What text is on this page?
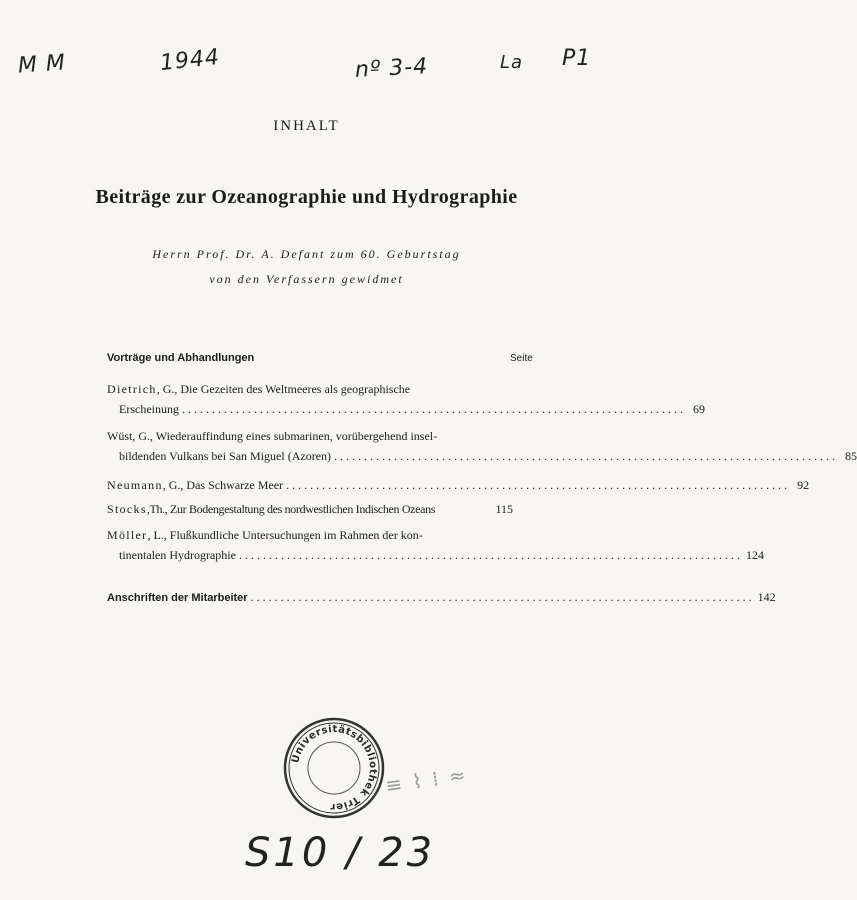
M M	1944	nº 3-4	La P1
INHALT
Beiträge zur Ozeanographie und Hydrographie
Herrn Prof. Dr. A. Defant zum 60. Geburtstag
von den Verfassern gewidmet
Vorträge und Abhandlungen	Seite
Dietrich , G., Die Gezeiten des Weltmeeres als geographische
Erscheinung .................................................................................... 69
Wüst , G., Wiederauffindung eines submarinen, vorübergehend insel-
bildenden Vulkans bei San Miguel (Azoren) .................................................................................... 85
Neumann , G., Das Schwarze Meer .................................................................................... 92
Stocks ,Th., Zur Bodengestaltung des nordwestlichen Indischen Ozeans	115
Möller , L., Flußkundliche Untersuchungen im Rahmen der kon-
tinentalen Hydrographie .................................................................................... 124
Anschriften der Mitarbeiter .................................................................................... 142
Universitätsbibliothek Trier
≡ ⌇ ⁞ ≈
S10 / 23
